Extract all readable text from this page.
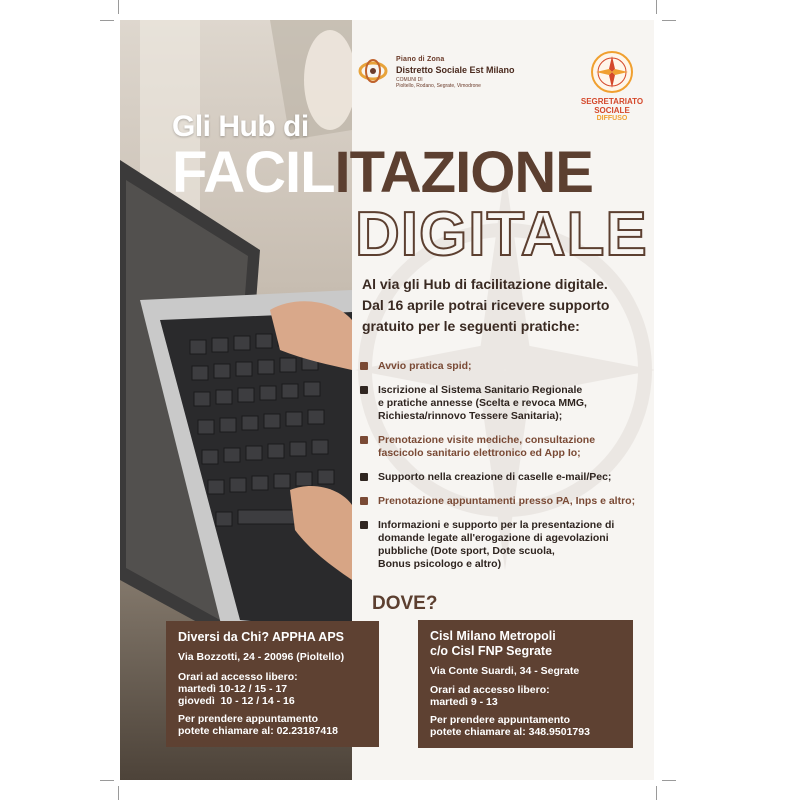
Piano di Zona
Distretto Sociale Est Milano
COMUNI DI
Pioltello, Rodano, Segrate, Vimodrone
SEGRETARIATO
SOCIALE
DIFFUSO
Gli Hub di
FACILITAZIONE
DIGITALE
Al via gli Hub di facilitazione digitale.
Dal 16 aprile potrai ricevere supporto
gratuito per le seguenti pratiche:
Avvio pratica spid;
Iscrizione al Sistema Sanitario Regionale
e pratiche annesse (Scelta e revoca MMG,
Richiesta/rinnovo Tessere Sanitaria);
Prenotazione visite mediche, consultazione
fascicolo sanitario elettronico ed App Io;
Supporto nella creazione di caselle e-mail/Pec;
Prenotazione appuntamenti presso PA, Inps e altro;
Informazioni e supporto per la presentazione di
domande legate all'erogazione di agevolazioni
pubbliche (Dote sport, Dote scuola,
Bonus psicologo e altro)
DOVE?
Diversi da Chi? APPHA APS
Via Bozzotti, 24 - 20096 (Pioltello)
Orari ad accesso libero:
martedì 10-12 / 15 - 17
giovedì  10 - 12 / 14 - 16
Per prendere appuntamento
potete chiamare al: 02.23187418
Cisl Milano Metropoli
c/o Cisl FNP Segrate
Via Conte Suardi, 34 - Segrate
Orari ad accesso libero:
martedì 9 - 13
Per prendere appuntamento
potete chiamare al: 348.9501793
